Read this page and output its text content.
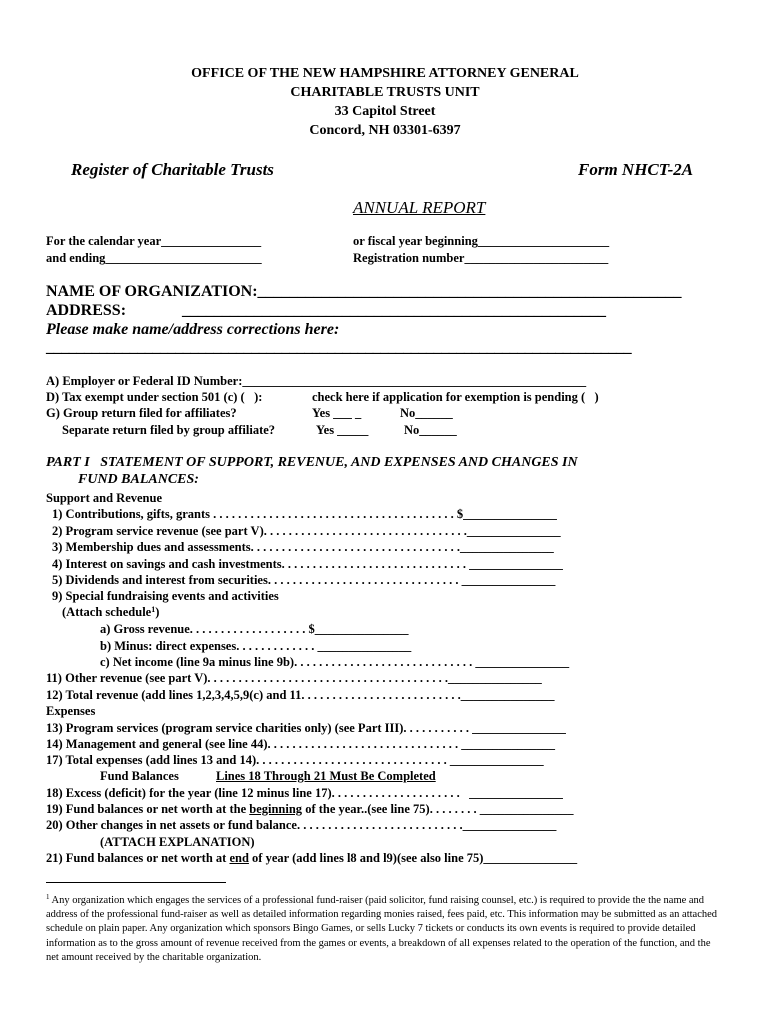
OFFICE OF THE NEW HAMPSHIRE ATTORNEY GENERAL
CHARITABLE TRUSTS UNIT
33 Capitol Street
Concord, NH 03301-6397
Register of Charitable Trusts	Form NHCT-2A
ANNUAL REPORT
For the calendar year________________
and ending_________________________
or fiscal year beginning_____________________
Registration number_______________________
NAME OF ORGANIZATION:_____________________________________________________
ADDRESS:              _____________________________________________________
Please make name/address corrections here:
_____________________________________________________________________________
A) Employer or Federal ID Number:_______________________________________________________
D) Tax exempt under section 501 (c) (   ):	check here if application for exemption is pending (   )
G) Group return filed for affiliates?	Yes ___ _	No______
Separate return filed by group affiliate?	Yes _____	No______
PART I   STATEMENT OF SUPPORT, REVENUE, AND EXPENSES AND CHANGES IN
FUND BALANCES:
Support and Revenue
1) Contributions, gifts, grants . . . . . . . . . . . . . . . . . . . . . . . . . . . . . . . . . . . . . . . $_______________
2) Program service revenue (see part V). . . . . . . . . . . . . . . . . . . . . . . . . . . . . . . . ._______________
3) Membership dues and assessments. . . . . . . . . . . . . . . . . . . . . . . . . . . . . . . . . ._______________
4) Interest on savings and cash investments. . . . . . . . . . . . . . . . . . . . . . . . . . . . . . _______________
5) Dividends and interest from securities. . . . . . . . . . . . . . . . . . . . . . . . . . . . . . . _______________
9) Special fundraising events and activities
(Attach schedule$^1$)
a) Gross revenue. . . . . . . . . . . . . . . . . . . $_______________
b) Minus: direct expenses. . . . . . . . . . . . . _______________
c) Net income (line 9a minus line 9b). . . . . . . . . . . . . . . . . . . . . . . . . . . . . _______________
11) Other revenue (see part V). . . . . . . . . . . . . . . . . . . . . . . . . . . . . . . . . . . . . . ._______________
12) Total revenue (add lines 1,2,3,4,5,9(c) and 11. . . . . . . . . . . . . . . . . . . . . . . . . ._______________
Expenses
13) Program services (program service charities only) (see Part III). . . . . . . . . . . _______________
14) Management and general (see line 44). . . . . . . . . . . . . . . . . . . . . . . . . . . . . . . _______________
17) Total expenses (add lines 13 and 14). . . . . . . . . . . . . . . . . . . . . . . . . . . . . . . _______________
Fund Balances	Lines 18 Through 21 Must Be Completed
18) Excess (deficit) for the year (line 12 minus line 17). . . . . . . . . . . . . . . . . . . . .   _______________
19) Fund balances or net worth at the beginning of the year..(see line 75). . . . . . . . _______________
20) Other changes in net assets or fund balance. . . . . . . . . . . . . . . . . . . . . . . . . . ._______________
(ATTACH EXPLANATION)
21) Fund balances or net worth at end of year (add lines l8 and l9)(see also line 75)_______________
$^1$ Any organization which engages the services of a professional fund-raiser (paid solicitor, fund raising counsel, etc.) is required to provide the the name and address of the professional fund-raiser as well as detailed information regarding monies raised, fees paid, etc. This information may be submitted as an attached schedule on plain paper. Any organization which sponsors Bingo Games, or sells Lucky 7 tickets or conducts its own events is required to provide detailed information as to the gross amount of revenue received from the games or events, a breakdown of all expenses related to the operation of the function, and the net amount received by the charitable organization.
